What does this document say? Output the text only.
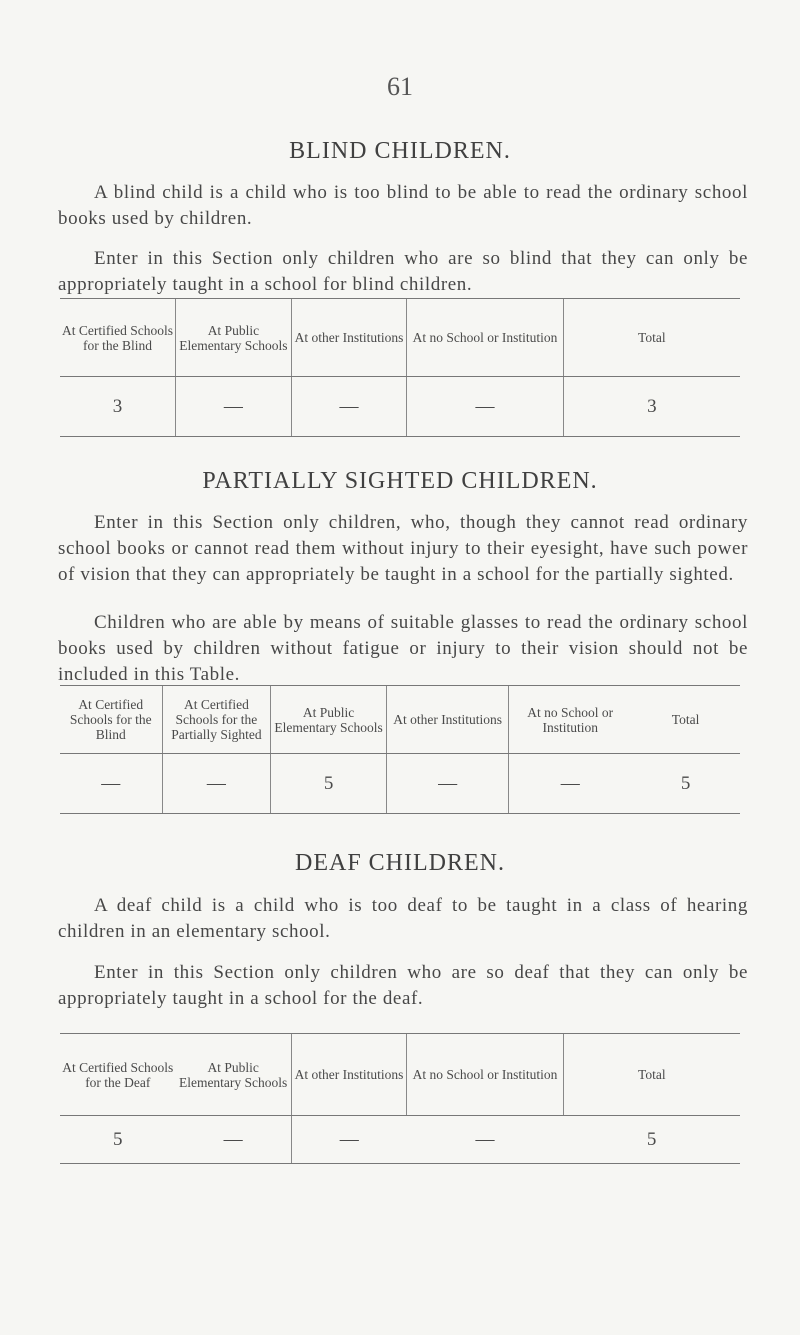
61
BLIND CHILDREN.

A blind child is a child who is too blind to be able to read the ordinary school books used by children.

Enter in this Section only children who are so blind that they can only be appropriately taught in a school for blind children.

At Certified Schools for the Blind	At Public Elementary Schools	At other Institutions	At no School or Institution	Total
3	—	—	—	3
PARTIALLY SIGHTED CHILDREN.

Enter in this Section only children, who, though they cannot read ordinary school books or cannot read them without injury to their eyesight, have such power of vision that they can appropriately be taught in a school for the partially sighted.

Children who are able by means of suitable glasses to read the ordinary school books used by children without fatigue or injury to their vision should not be included in this Table.

At Certified Schools for the Blind	At Certified Schools for the Partially Sighted	At Public Elementary Schools	At other Institutions	At no School or Institution	Total
—	—	5	—	—	5
DEAF CHILDREN.

A deaf child is a child who is too deaf to be taught in a class of hearing children in an elementary school.

Enter in this Section only children who are so deaf that they can only be appropriately taught in a school for the deaf.

At Certified Schools for the Deaf	At Public Elementary Schools	At other Institutions	At no School or Institution	Total
5	—	—	—	5
